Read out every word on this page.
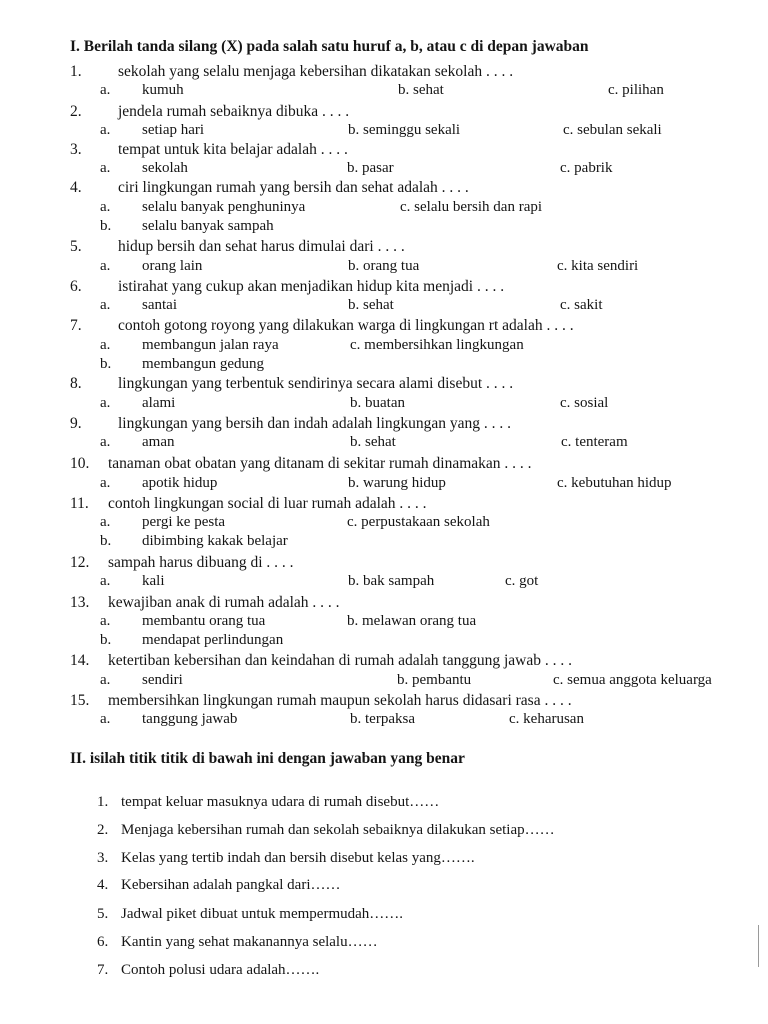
I. Berilah tanda silang (X) pada salah satu huruf a, b, atau c di depan jawaban
1. sekolah yang selalu menjaga kebersihan dikatakan sekolah . . . .
a. kumuh	b. sehat	c. pilihan
2. jendela rumah sebaiknya dibuka . . . .
a. setiap hari	b. seminggu sekali	c. sebulan sekali
3. tempat untuk kita belajar adalah . . . .
a. sekolah	b. pasar	c. pabrik
4. ciri lingkungan rumah yang bersih dan sehat adalah . . . .
a. selalu banyak penghuninya	c. selalu bersih dan rapi
b. selalu banyak sampah
5. hidup bersih dan sehat harus dimulai dari . . . .
a. orang lain	b. orang tua	c. kita sendiri
6. istirahat yang cukup akan menjadikan hidup kita menjadi . . . .
a. santai	b. sehat	c. sakit
7. contoh gotong royong yang dilakukan warga di lingkungan rt adalah . . . .
a. membangun jalan raya	c. membersihkan lingkungan
b. membangun gedung
8. lingkungan yang terbentuk sendirinya secara alami disebut . . . .
a. alami	b. buatan	c. sosial
9. lingkungan yang bersih dan indah adalah lingkungan yang . . . .
a. aman	b. sehat	c. tenteram
10. tanaman obat obatan yang ditanam di sekitar rumah dinamakan . . . .
a. apotik hidup	b. warung hidup	c. kebutuhan hidup
11. contoh lingkungan social di luar rumah adalah . . . .
a. pergi ke pesta	c. perpustakaan sekolah
b. dibimbing kakak belajar
12. sampah harus dibuang di . . . .
a. kali	b. bak sampah	c. got
13. kewajiban anak di rumah adalah . . . .
a. membantu orang tua	b. melawan orang tua
b. mendapat perlindungan
14. ketertiban kebersihan dan keindahan di rumah adalah tanggung jawab . . . .
a. sendiri	b. pembantu	c. semua anggota keluarga
15. membersihkan lingkungan rumah maupun sekolah harus didasari rasa . . . .
a. tanggung jawab	b. terpaksa	c. keharusan
II. isilah titik titik di bawah ini dengan jawaban yang benar
1. tempat keluar masuknya udara di rumah disebut……
2. Menjaga kebersihan rumah dan sekolah sebaiknya dilakukan setiap……
3. Kelas yang tertib indah dan bersih disebut kelas yang…….
4. Kebersihan adalah pangkal dari……
5. Jadwal piket dibuat untuk mempermudah…….
6. Kantin yang sehat makanannya selalu……
7. Contoh polusi udara adalah…….
